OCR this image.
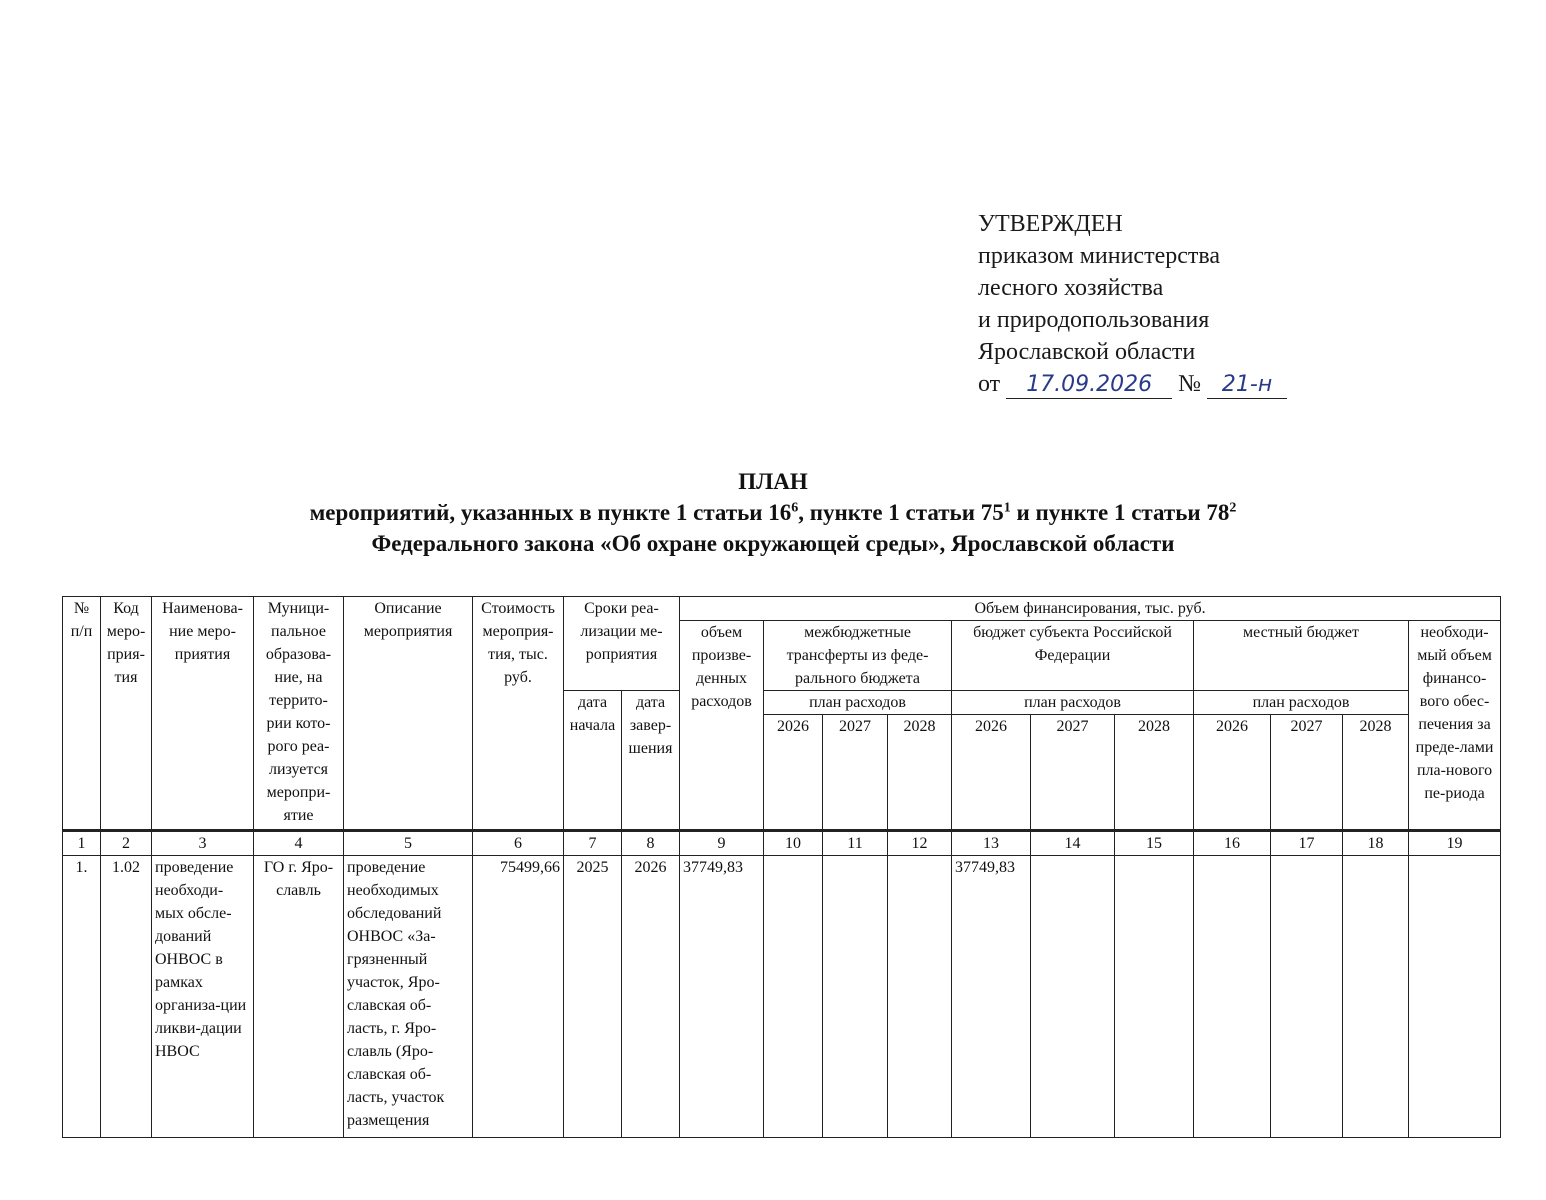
УТВЕРЖДЕН
приказом министерства
лесного хозяйства
и природопользования
Ярославской области
от 17.09.2026 № 21-н
ПЛАН
мероприятий, указанных в пункте 1 статьи $16^6$, пункте 1 статьи $75^1$ и пункте 1 статьи $78^2$
Федерального закона «Об охране окружающей среды», Ярославской области
№ п/п	Код меро-прия-тия	Наименова-ние меро-приятия	Муници-пальное образова-ние, на террито-рии кото-рого реа-лизуется меропри-ятие	Описание мероприятия	Стоимость мероприя-тия, тыс. руб.	Сроки реа-лизации ме-роприятия		Объем финансирования, тыс. руб.										
								объем произве-денных расходов	межбюджетные трансферты из феде-рального бюджета			бюджет субъекта Российской Федерации			местный бюджет			необходи-мый объем финансо-вого обес-печения за преде-лами пла-нового пе-риода
						дата начала	дата завер-шения		план расходов			план расходов			план расходов			
									2026	2027	2028	2026	2027	2028	2026	2027	2028	

1	2	3	4	5	6	7	8	9	10	11	12	13	14	15	16	17	18	19
1.	1.02	проведение необходи-мых обсле-дований ОНВОС в рамках организа-ции ликви-дации НВОС	ГО г. Яро-славль	проведение необходимых обследований ОНВОС «За-грязненный участок, Яро-славская об-ласть, г. Яро-славль (Яро-славская об-ласть, участок размещения	75499,66	2025	2026	37749,83				37749,83						
